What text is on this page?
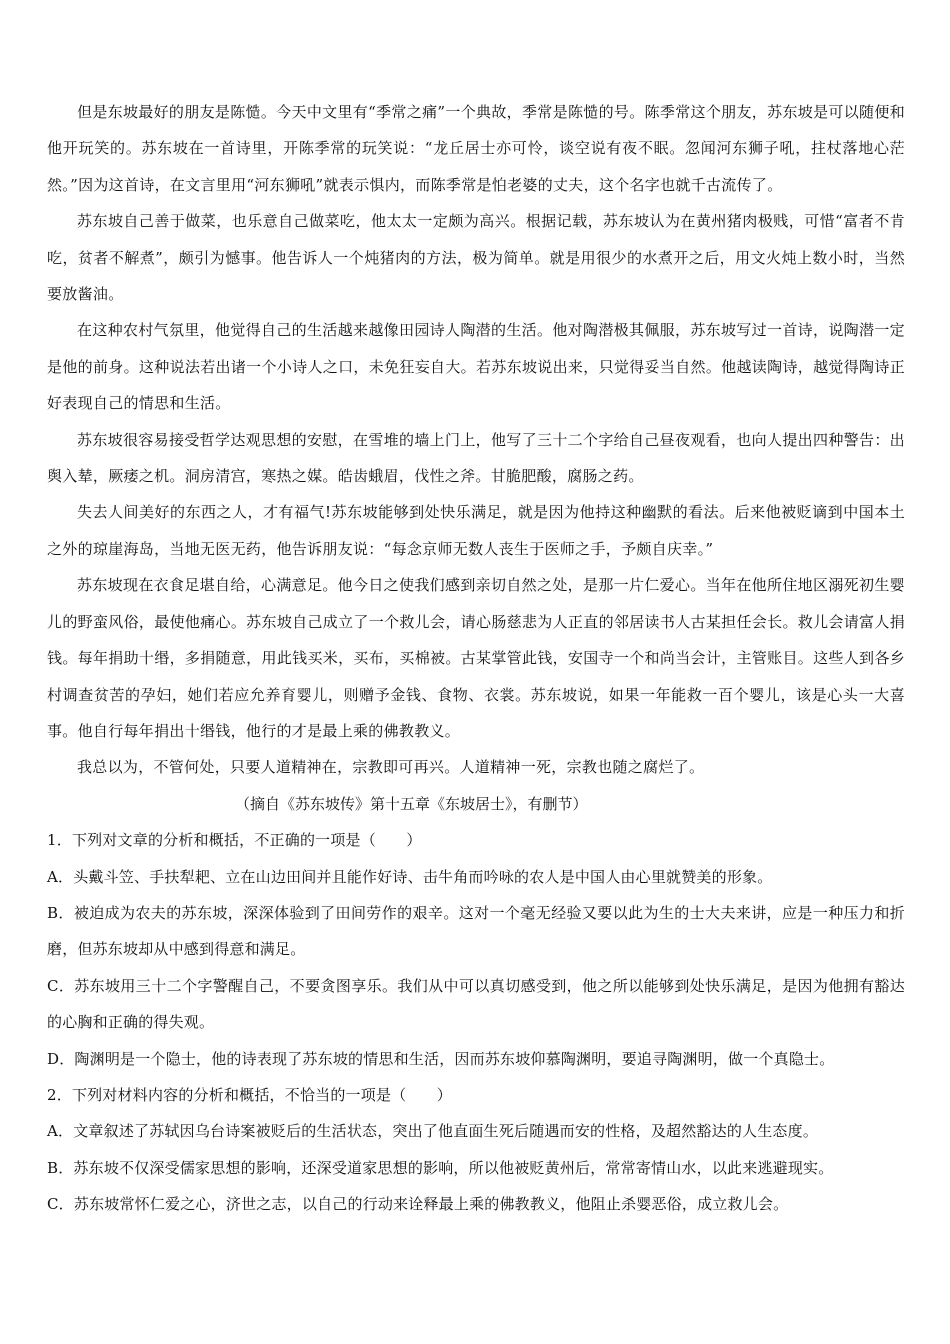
但是东坡最好的朋友是陈慥。今天中文里有“季常之痛”一个典故，季常是陈慥的号。陈季常这个朋友，苏东坡是可以随便和他开玩笑的。苏东坡在一首诗里，开陈季常的玩笑说：“龙丘居士亦可怜，谈空说有夜不眠。忽闻河东狮子吼，拄杖落地心茫然。”因为这首诗，在文言里用“河东狮吼”就表示惧内，而陈季常是怕老婆的丈夫，这个名字也就千古流传了。

苏东坡自己善于做菜，也乐意自己做菜吃，他太太一定颇为高兴。根据记载，苏东坡认为在黄州猪肉极贱，可惜“富者不肯吃，贫者不解煮”，颇引为憾事。他告诉人一个炖猪肉的方法，极为简单。就是用很少的水煮开之后，用文火炖上数小时，当然要放酱油。

在这种农村气氛里，他觉得自己的生活越来越像田园诗人陶潜的生活。他对陶潜极其佩服，苏东坡写过一首诗，说陶潜一定是他的前身。这种说法若出诸一个小诗人之口，未免狂妄自大。若苏东坡说出来，只觉得妥当自然。他越读陶诗，越觉得陶诗正好表现自己的情思和生活。

苏东坡很容易接受哲学达观思想的安慰，在雪堆的墙上门上，他写了三十二个字给自己昼夜观看，也向人提出四种警告：出舆入辇，厥痿之机。洞房清宫，寒热之媒。皓齿蛾眉，伐性之斧。甘脆肥酸，腐肠之药。

失去人间美好的东西之人，才有福气!苏东坡能够到处快乐满足，就是因为他持这种幽默的看法。后来他被贬谪到中国本土之外的琼崖海岛，当地无医无药，他告诉朋友说：“每念京师无数人丧生于医师之手，予颇自庆幸。”

苏东坡现在衣食足堪自给，心满意足。他今日之使我们感到亲切自然之处，是那一片仁爱心。当年在他所住地区溺死初生婴儿的野蛮风俗，最使他痛心。苏东坡自己成立了一个救儿会，请心肠慈悲为人正直的邻居读书人古某担任会长。救儿会请富人捐钱。每年捐助十缗，多捐随意，用此钱买米，买布，买棉被。古某掌管此钱，安国寺一个和尚当会计，主管账目。这些人到各乡村调查贫苦的孕妇，她们若应允养育婴儿，则赠予金钱、食物、衣裳。苏东坡说，如果一年能救一百个婴儿，该是心头一大喜事。他自行每年捐出十缗钱，他行的才是最上乘的佛教教义。

我总以为，不管何处，只要人道精神在，宗教即可再兴。人道精神一死，宗教也随之腐烂了。

（摘自《苏东坡传》第十五章《东坡居士》，有删节）

1．下列对文章的分析和概括，不正确的一项是（　　）

A．头戴斗笠、手扶犁耙、立在山边田间并且能作好诗、击牛角而吟咏的农人是中国人由心里就赞美的形象。

B．被迫成为农夫的苏东坡，深深体验到了田间劳作的艰辛。这对一个毫无经验又要以此为生的士大夫来讲，应是一种压力和折磨，但苏东坡却从中感到得意和满足。

C．苏东坡用三十二个字警醒自己，不要贪图享乐。我们从中可以真切感受到，他之所以能够到处快乐满足，是因为他拥有豁达的心胸和正确的得失观。

D．陶渊明是一个隐士，他的诗表现了苏东坡的情思和生活，因而苏东坡仰慕陶渊明，要追寻陶渊明，做一个真隐士。

2．下列对材料内容的分析和概括，不恰当的一项是（　　）

A．文章叙述了苏轼因乌台诗案被贬后的生活状态，突出了他直面生死后随遇而安的性格，及超然豁达的人生态度。

B．苏东坡不仅深受儒家思想的影响，还深受道家思想的影响，所以他被贬黄州后，常常寄情山水，以此来逃避现实。

C．苏东坡常怀仁爱之心，济世之志，以自己的行动来诠释最上乘的佛教教义，他阻止杀婴恶俗，成立救儿会。
